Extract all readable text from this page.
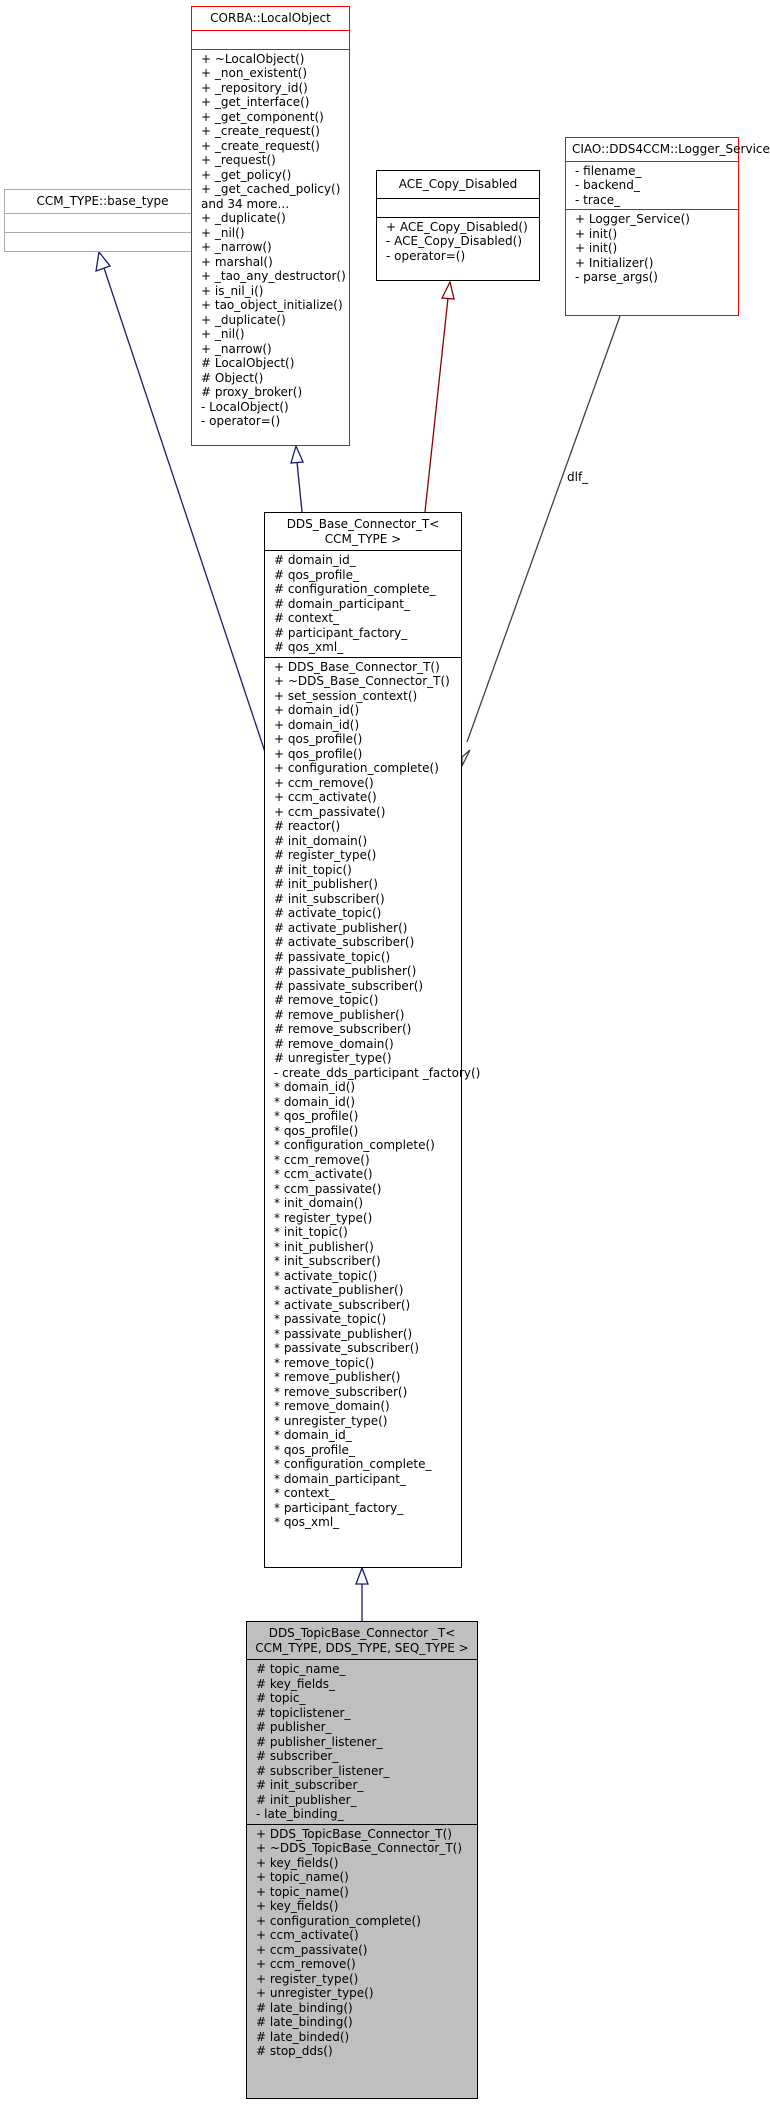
dlf_
CCM_TYPE::base_type
CORBA::LocalObject
+ ~LocalObject()
+ _non_existent()
+ _repository_id()
+ _get_interface()
+ _get_component()
+ _create_request()
+ _create_request()
+ _request()
+ _get_policy()
+ _get_cached_policy()
and 34 more...
+ _duplicate()
+ _nil()
+ _narrow()
+ marshal()
+ _tao_any_destructor()
+ is_nil_i()
+ tao_object_initialize()
+ _duplicate()
+ _nil()
+ _narrow()
# LocalObject()
# Object()
# proxy_broker()
- LocalObject()
- operator=()
ACE_Copy_Disabled
+ ACE_Copy_Disabled()
- ACE_Copy_Disabled()
- operator=()
CIAO::DDS4CCM::Logger_Service
- filename_
- backend_
- trace_
+ Logger_Service()
+ init()
+ init()
+ Initializer()
- parse_args()
DDS_Base_Connector_T< CCM_TYPE >
# domain_id_
# qos_profile_
# configuration_complete_
# domain_participant_
# context_
# participant_factory_
# qos_xml_
+ DDS_Base_Connector_T()
+ ~DDS_Base_Connector_T()
+ set_session_context()
+ domain_id()
+ domain_id()
+ qos_profile()
+ qos_profile()
+ configuration_complete()
+ ccm_remove()
+ ccm_activate()
+ ccm_passivate()
# reactor()
# init_domain()
# register_type()
# init_topic()
# init_publisher()
# init_subscriber()
# activate_topic()
# activate_publisher()
# activate_subscriber()
# passivate_topic()
# passivate_publisher()
# passivate_subscriber()
# remove_topic()
# remove_publisher()
# remove_subscriber()
# remove_domain()
# unregister_type()
- create_dds_participant _factory()
* domain_id()
* domain_id()
* qos_profile()
* qos_profile()
* configuration_complete()
* ccm_remove()
* ccm_activate()
* ccm_passivate()
* init_domain()
* register_type()
* init_topic()
* init_publisher()
* init_subscriber()
* activate_topic()
* activate_publisher()
* activate_subscriber()
* passivate_topic()
* passivate_publisher()
* passivate_subscriber()
* remove_topic()
* remove_publisher()
* remove_subscriber()
* remove_domain()
* unregister_type()
* domain_id_
* qos_profile_
* configuration_complete_
* domain_participant_
* context_
* participant_factory_
* qos_xml_
DDS_TopicBase_Connector _T< CCM_TYPE, DDS_TYPE, SEQ_TYPE >
# topic_name_
# key_fields_
# topic_
# topiclistener_
# publisher_
# publisher_listener_
# subscriber_
# subscriber_listener_
# init_subscriber_
# init_publisher_
- late_binding_
+ DDS_TopicBase_Connector_T()
+ ~DDS_TopicBase_Connector_T()
+ key_fields()
+ topic_name()
+ topic_name()
+ key_fields()
+ configuration_complete()
+ ccm_activate()
+ ccm_passivate()
+ ccm_remove()
+ register_type()
+ unregister_type()
# late_binding()
# late_binding()
# late_binded()
# stop_dds()
